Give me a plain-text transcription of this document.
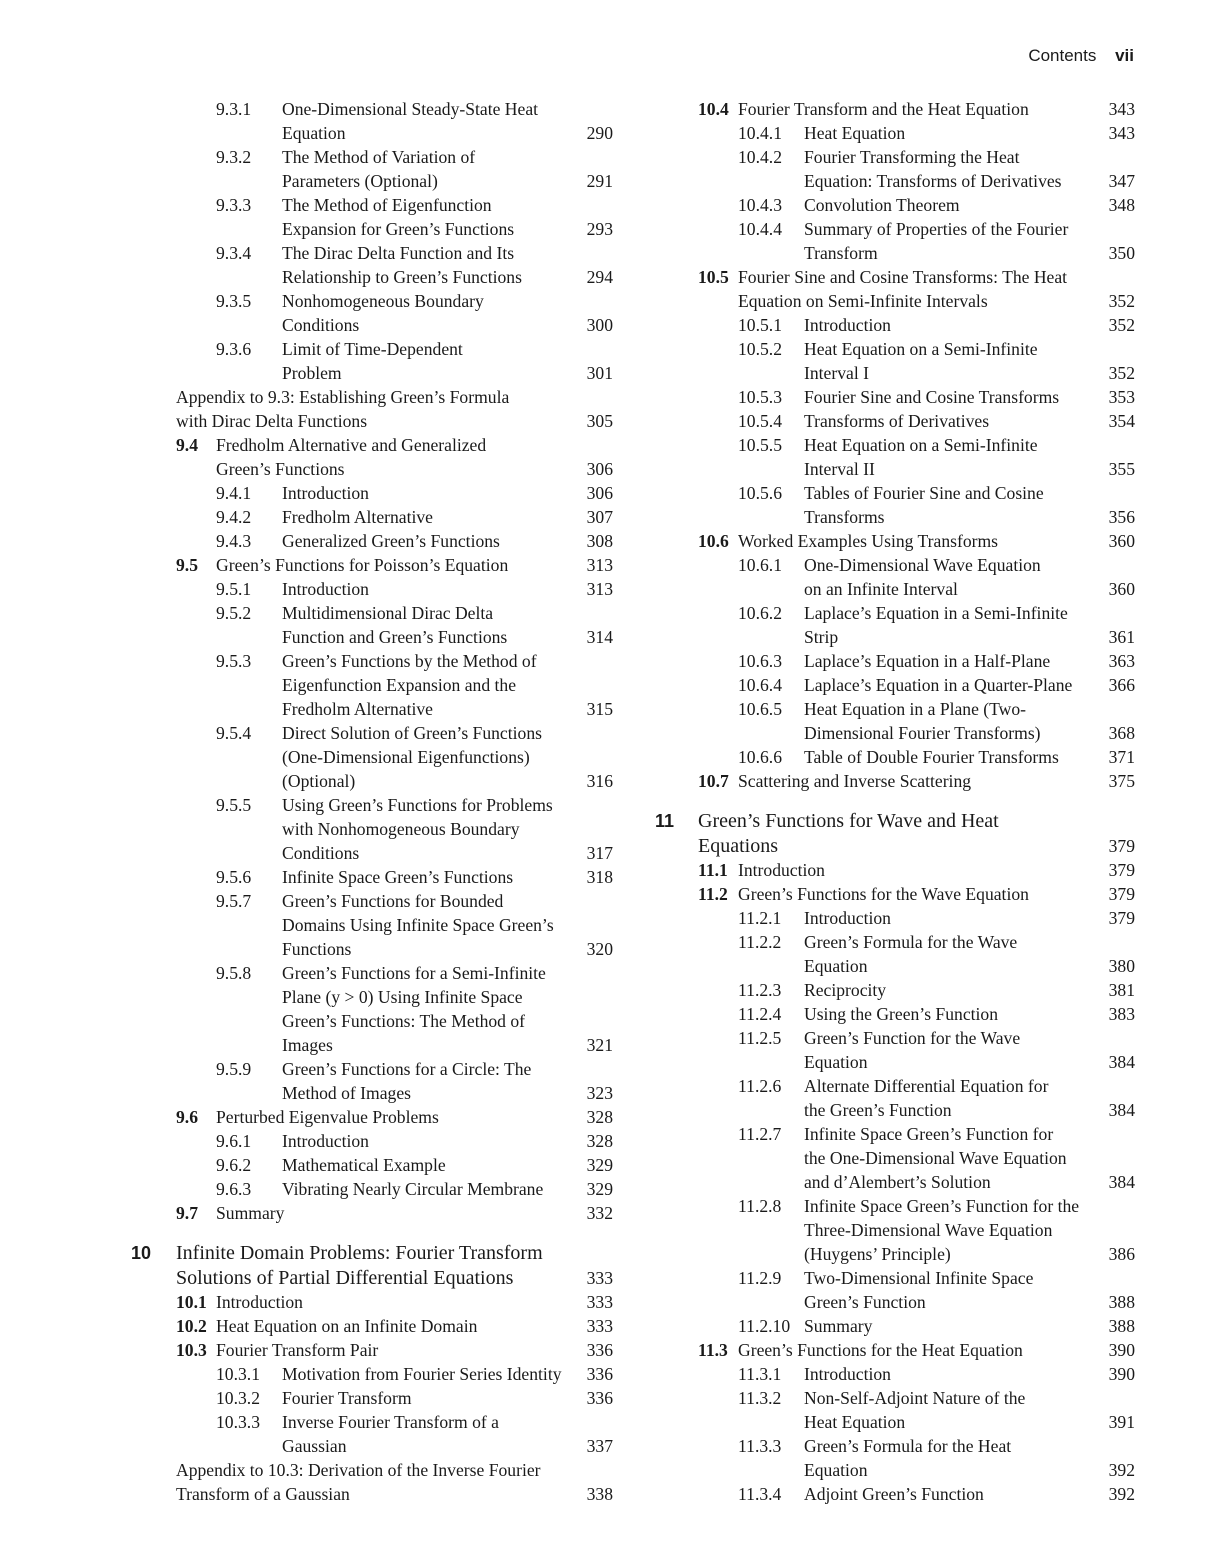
Contents vii
9.3.1 One-Dimensional Steady-State Heat
Equation	290
9.3.2 The Method of Variation of
Parameters (Optional)	291
9.3.3 The Method of Eigenfunction
Expansion for Green’s Functions	293
9.3.4 The Dirac Delta Function and Its
Relationship to Green’s Functions	294
9.3.5 Nonhomogeneous Boundary
Conditions	300
9.3.6 Limit of Time-Dependent
Problem	301
Appendix to 9.3: Establishing Green’s Formula
with Dirac Delta Functions	305
9.4 Fredholm Alternative and Generalized
Green’s Functions	306
9.4.1 Introduction	306
9.4.2 Fredholm Alternative	307
9.4.3 Generalized Green’s Functions	308
9.5 Green’s Functions for Poisson’s Equation	313
9.5.1 Introduction	313
9.5.2 Multidimensional Dirac Delta
Function and Green’s Functions	314
9.5.3 Green’s Functions by the Method of
Eigenfunction Expansion and the
Fredholm Alternative	315
9.5.4 Direct Solution of Green’s Functions
(One-Dimensional Eigenfunctions)
(Optional)	316
9.5.5 Using Green’s Functions for Problems
with Nonhomogeneous Boundary
Conditions	317
9.5.6 Infinite Space Green’s Functions	318
9.5.7 Green’s Functions for Bounded
Domains Using Infinite Space Green’s
Functions	320
9.5.8 Green’s Functions for a Semi-Infinite
Plane (y > 0) Using Infinite Space
Green’s Functions: The Method of
Images	321
9.5.9 Green’s Functions for a Circle: The
Method of Images	323
9.6 Perturbed Eigenvalue Problems	328
9.6.1 Introduction	328
9.6.2 Mathematical Example	329
9.6.3 Vibrating Nearly Circular Membrane 329
9.7 Summary	332
10 Infinite Domain Problems: Fourier Transform
Solutions of Partial Differential Equations	333
10.1 Introduction	333
10.2 Heat Equation on an Infinite Domain	333
10.3 Fourier Transform Pair	336
10.3.1 Motivation from Fourier Series Identity 336
10.3.2 Fourier Transform	336
10.3.3 Inverse Fourier Transform of a
Gaussian	337
Appendix to 10.3: Derivation of the Inverse Fourier
Transform of a Gaussian	338
10.4 Fourier Transform and the Heat Equation	343
10.4.1 Heat Equation	343
10.4.2 Fourier Transforming the Heat
Equation: Transforms of Derivatives	347
10.4.3 Convolution Theorem	348
10.4.4 Summary of Properties of the Fourier
Transform	350
10.5 Fourier Sine and Cosine Transforms: The Heat
Equation on Semi-Infinite Intervals	352
10.5.1 Introduction	352
10.5.2 Heat Equation on a Semi-Infinite
Interval I	352
10.5.3 Fourier Sine and Cosine Transforms	353
10.5.4 Transforms of Derivatives	354
10.5.5 Heat Equation on a Semi-Infinite
Interval II	355
10.5.6 Tables of Fourier Sine and Cosine
Transforms	356
10.6 Worked Examples Using Transforms	360
10.6.1 One-Dimensional Wave Equation
on an Infinite Interval	360
10.6.2 Laplace’s Equation in a Semi-Infinite
Strip	361
10.6.3 Laplace’s Equation in a Half-Plane	363
10.6.4 Laplace’s Equation in a Quarter-Plane 366
10.6.5 Heat Equation in a Plane (Two-
Dimensional Fourier Transforms)	368
10.6.6 Table of Double Fourier Transforms	371
10.7 Scattering and Inverse Scattering	375
11 Green’s Functions for Wave and Heat
Equations	379
11.1 Introduction	379
11.2 Green’s Functions for the Wave Equation	379
11.2.1 Introduction	379
11.2.2 Green’s Formula for the Wave
Equation	380
11.2.3 Reciprocity	381
11.2.4 Using the Green’s Function	383
11.2.5 Green’s Function for the Wave
Equation	384
11.2.6 Alternate Differential Equation for
the Green’s Function	384
11.2.7 Infinite Space Green’s Function for
the One-Dimensional Wave Equation
and d’Alembert’s Solution	384
11.2.8 Infinite Space Green’s Function for the
Three-Dimensional Wave Equation
(Huygens’ Principle)	386
11.2.9 Two-Dimensional Infinite Space
Green’s Function	388
11.2.10 Summary	388
11.3 Green’s Functions for the Heat Equation	390
11.3.1 Introduction	390
11.3.2 Non-Self-Adjoint Nature of the
Heat Equation	391
11.3.3 Green’s Formula for the Heat
Equation	392
11.3.4 Adjoint Green’s Function	392
